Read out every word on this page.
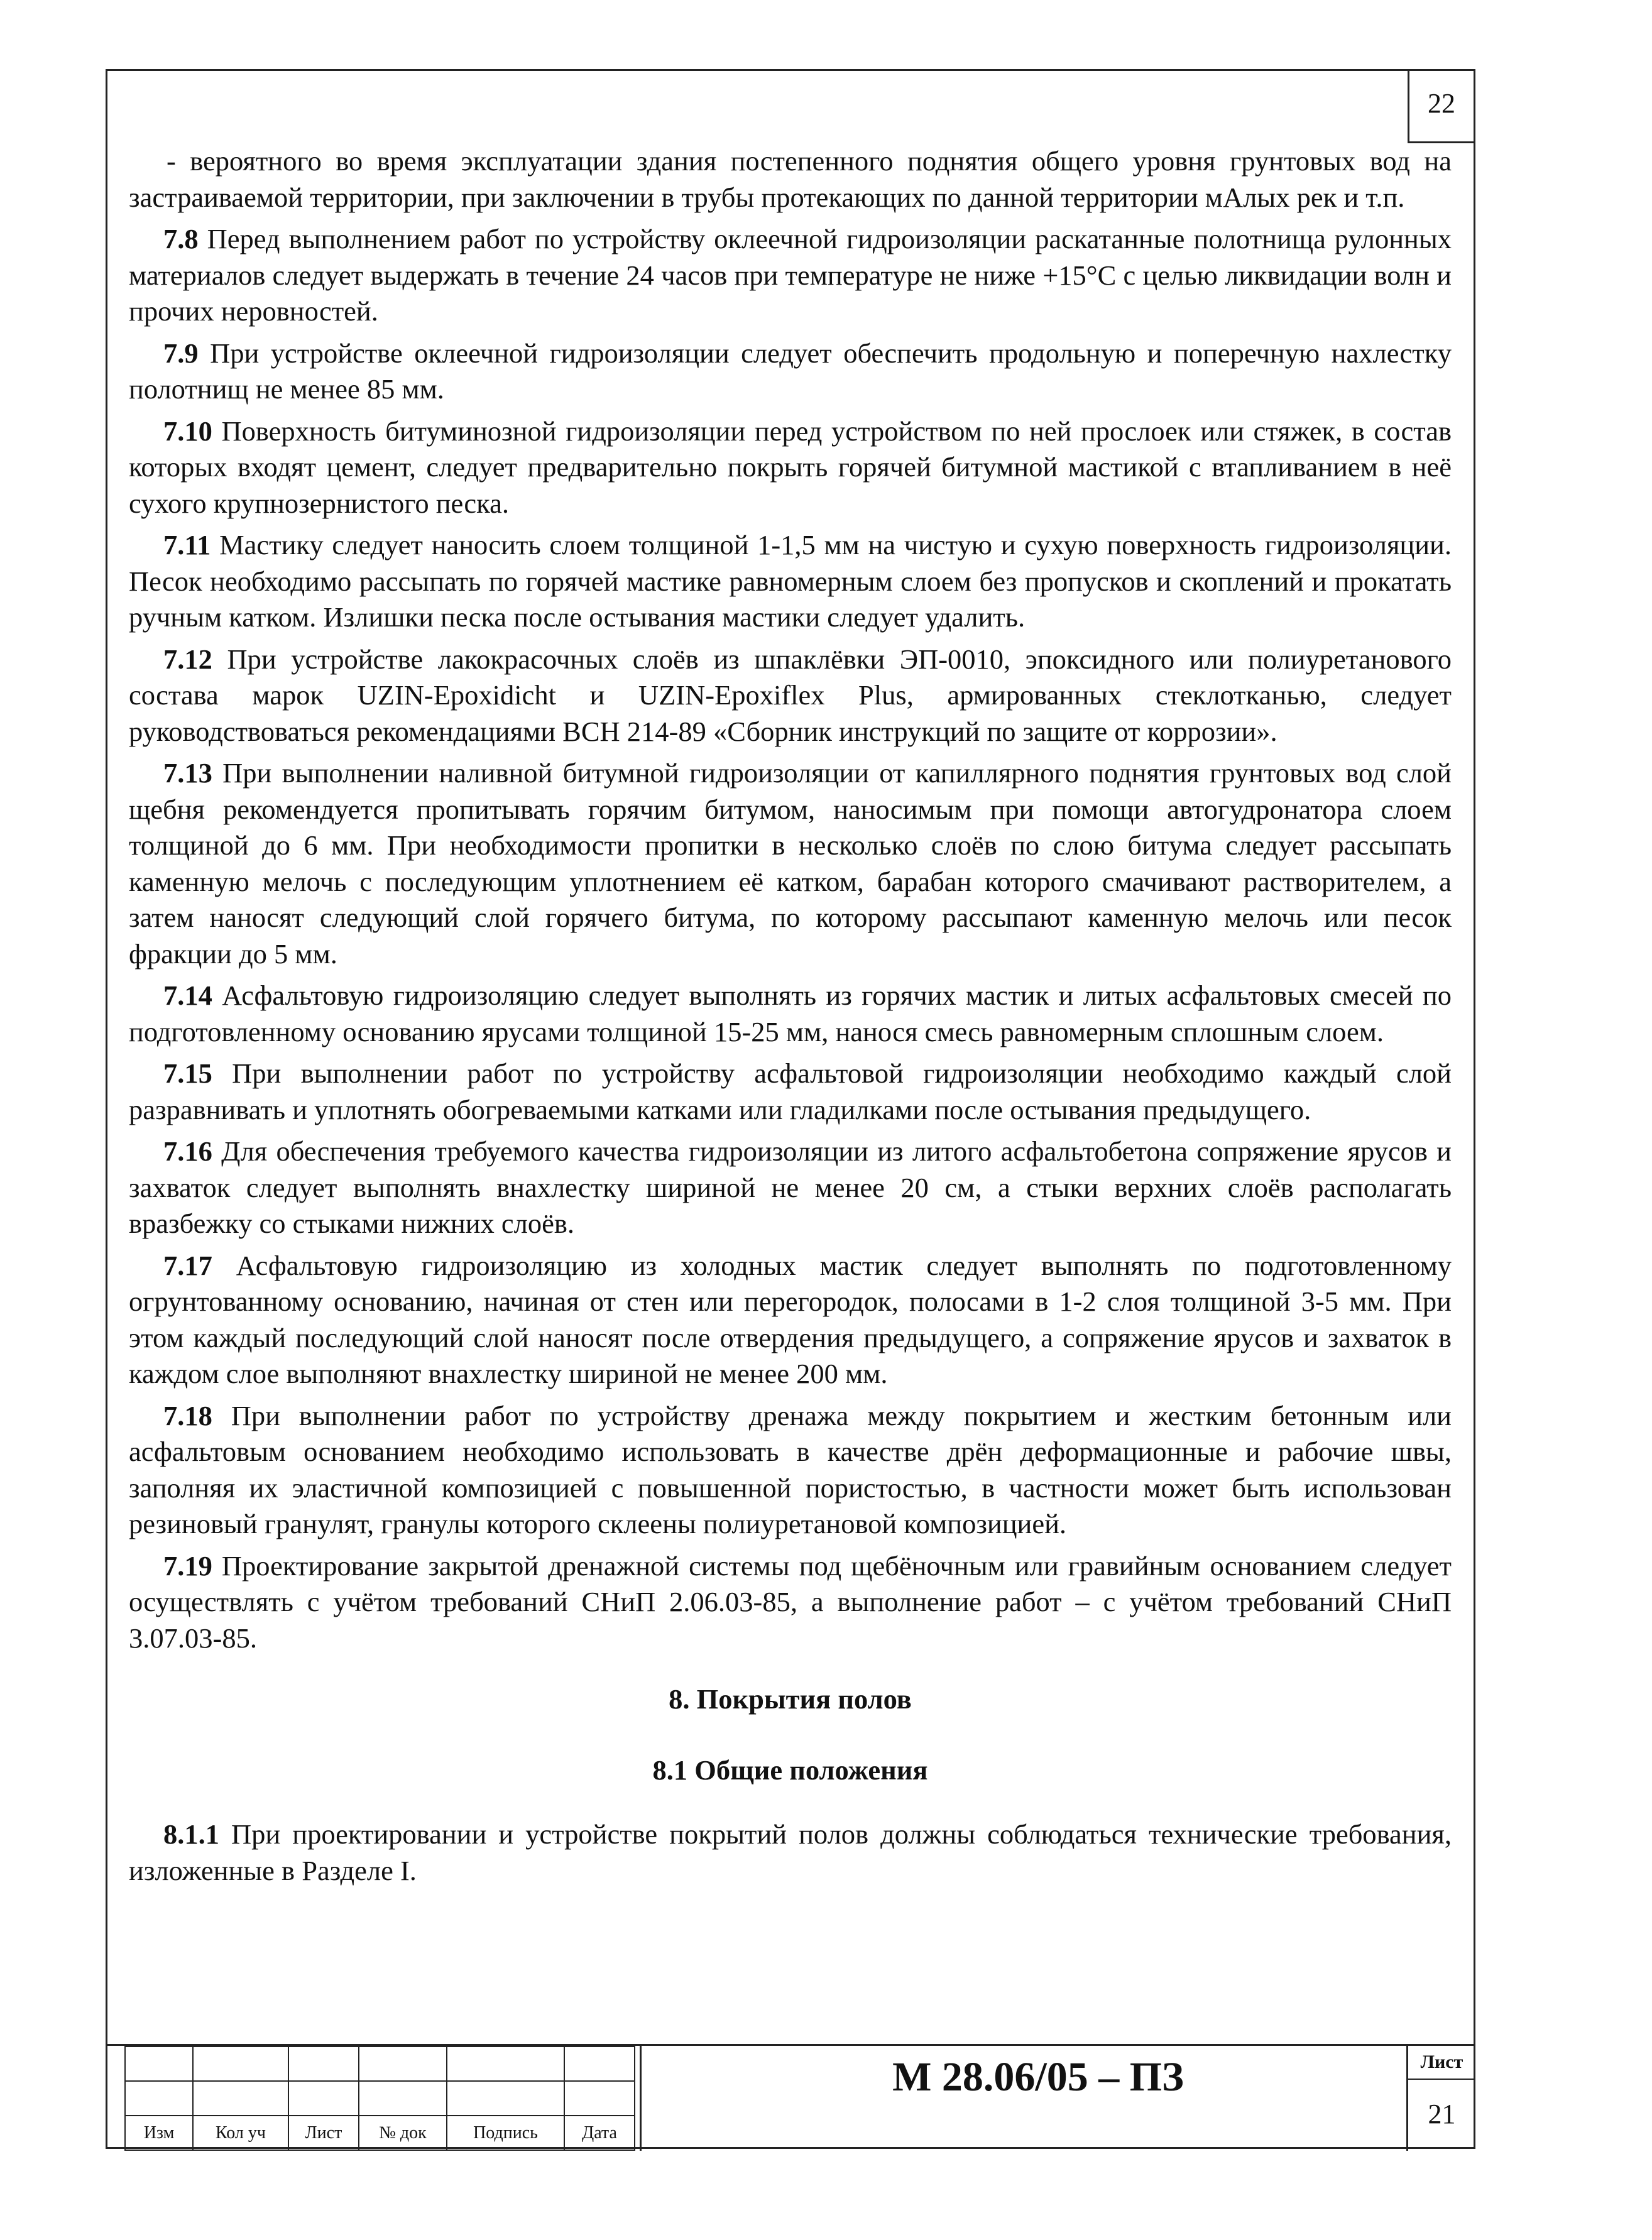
22

- вероятного во время эксплуатации здания постепенного поднятия общего уровня грунтовых вод на застраиваемой территории, при заключении в трубы протекающих по данной территории мАлых рек и т.п.

7.8 Перед выполнением работ по устройству оклеечной гидроизоляции раскатанные полотнища рулонных материалов следует выдержать в течение 24 часов при температуре не ниже +15°С с целью ликвидации волн и прочих неровностей.

7.9 При устройстве оклеечной гидроизоляции следует обеспечить продольную и поперечную нахлестку полотнищ не менее 85 мм.

7.10 Поверхность битуминозной гидроизоляции перед устройством по ней прослоек или стяжек, в состав которых входят цемент, следует предварительно покрыть горячей битумной мастикой с втапливанием в неё сухого крупнозернистого песка.

7.11 Мастику следует наносить слоем толщиной 1-1,5 мм на чистую и сухую поверхность гидроизоляции. Песок необходимо рассыпать по горячей мастике равномерным слоем без пропусков и скоплений и прокатать ручным катком. Излишки песка после остывания мастики следует удалить.

7.12 При устройстве лакокрасочных слоёв из шпаклёвки ЭП-0010, эпоксидного или полиуретанового состава марок UZIN-Epoxidicht и UZIN-Epoxiflex Plus, армированных стеклотканью, следует руководствоваться рекомендациями ВСН 214-89 «Сборник инструкций по защите от коррозии».

7.13 При выполнении наливной битумной гидроизоляции от капиллярного поднятия грунтовых вод слой щебня рекомендуется пропитывать горячим битумом, наносимым при помощи автогудронатора слоем толщиной до 6 мм. При необходимости пропитки в несколько слоёв по слою битума следует рассыпать каменную мелочь с последующим уплотнением её катком, барабан которого смачивают растворителем, а затем наносят следующий слой горячего битума, по которому рассыпают каменную мелочь или песок фракции до 5 мм.

7.14 Асфальтовую гидроизоляцию следует выполнять из горячих мастик и литых асфальтовых смесей по подготовленному основанию ярусами толщиной 15-25 мм, нанося смесь равномерным сплошным слоем.

7.15 При выполнении работ по устройству асфальтовой гидроизоляции необходимо каждый слой разравнивать и уплотнять обогреваемыми катками или гладилками после остывания предыдущего.

7.16 Для обеспечения требуемого качества гидроизоляции из литого асфальтобетона сопряжение ярусов и захваток следует выполнять внахлестку шириной не менее 20 см, а стыки верхних слоёв располагать вразбежку со стыками нижних слоёв.

7.17 Асфальтовую гидроизоляцию из холодных мастик следует выполнять по подготовленному огрунтованному основанию, начиная от стен или перегородок, полосами в 1-2 слоя толщиной 3-5 мм. При этом каждый последующий слой наносят после отвердения предыдущего, а сопряжение ярусов и захваток в каждом слое выполняют внахлестку шириной не менее 200 мм.

7.18 При выполнении работ по устройству дренажа между покрытием и жестким бетонным или асфальтовым основанием необходимо использовать в качестве дрён деформационные и рабочие швы, заполняя их эластичной композицией с повышенной пористостью, в частности может быть использован резиновый гранулят, гранулы которого склеены полиуретановой композицией.

7.19 Проектирование закрытой дренажной системы под щебёночным или гравийным основанием следует осуществлять с учётом требований СНиП 2.06.03-85, а выполнение работ – с учётом требований СНиП 3.07.03-85.

8. Покрытия полов

8.1 Общие положения

8.1.1 При проектировании и устройстве покрытий полов должны соблюдаться технические требования, изложенные в Разделе I.

Изм	Кол уч	Лист	№ док	Подпись	Дата
М 28.06/05 – ПЗ	Лист
21
